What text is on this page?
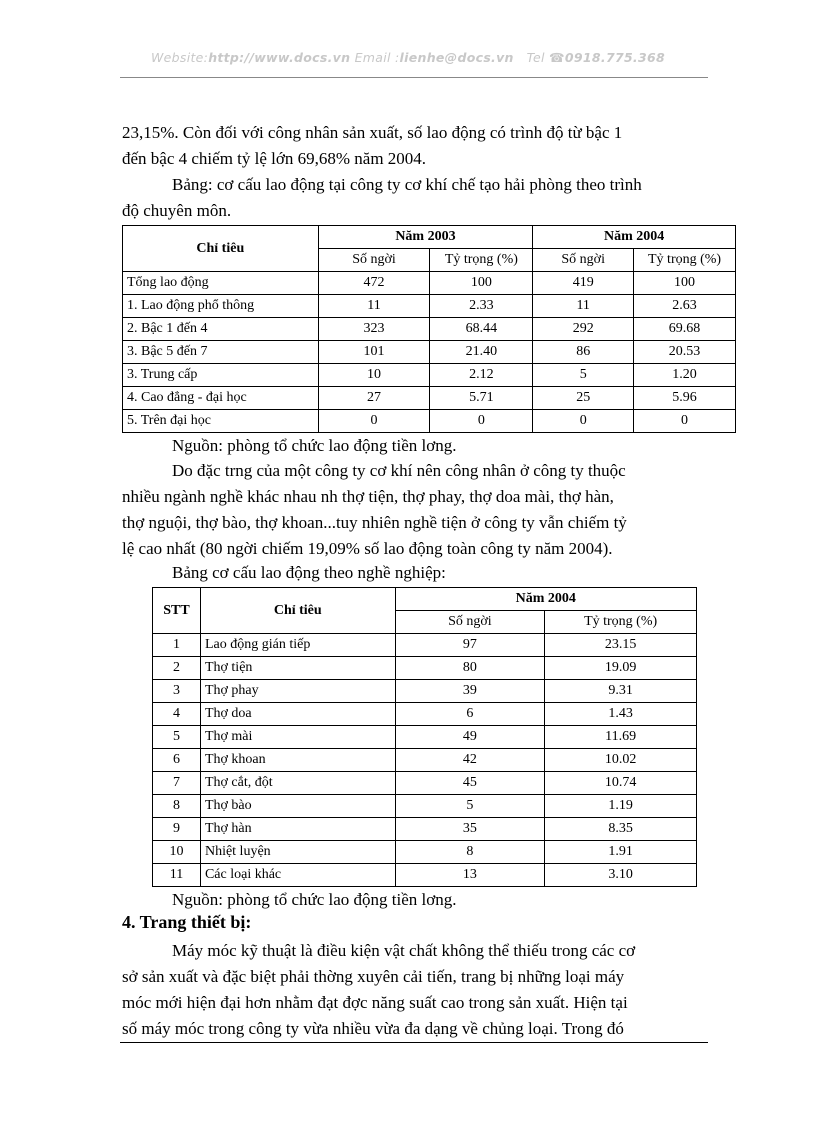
Website:http://www.docs.vn Email :lienhe@docs.vn Tel ☎0918.775.368
23,15%. Còn đối với công nhân sản xuất, số lao động có trình độ từ bậc 1
đến bậc 4 chiếm tỷ lệ lớn 69,68% năm 2004.
Bảng: cơ cấu lao động tại công ty cơ khí chế tạo hải phòng theo trình
độ chuyên môn.
Chỉ tiêu	Năm 2003		Năm 2004	
	Số ngời	Tỷ trọng (%)	Số ngời	Tỷ trọng (%)
Tổng lao động	472	100	419	100
1. Lao động phổ thông	11	2.33	11	2.63
2. Bậc 1 đến 4	323	68.44	292	69.68
3. Bậc 5 đến 7	101	21.40	86	20.53
3. Trung cấp	10	2.12	5	1.20
4. Cao đẳng - đại học	27	5.71	25	5.96
5. Trên đại học	0	0	0	0
Nguồn: phòng tổ chức lao động tiền lơng.
Do đặc trng của một công ty cơ khí nên công nhân ở công ty thuộc
nhiều ngành nghề khác nhau nh thợ tiện, thợ phay, thợ doa mài, thợ hàn,
thợ nguội, thợ bào, thợ khoan...tuy nhiên nghề tiện ở công ty vẫn chiếm tỷ
lệ cao nhất (80 ngời chiếm 19,09% số lao động toàn công ty năm 2004).
Bảng cơ cấu lao động theo nghề nghiệp:
STT	Chỉ tiêu	Năm 2004	
		Số ngời	Tỷ trọng (%)
1	Lao động gián tiếp	97	23.15
2	Thợ tiện	80	19.09
3	Thợ phay	39	9.31
4	Thợ doa	6	1.43
5	Thợ mài	49	11.69
6	Thợ khoan	42	10.02
7	Thợ cắt, đột	45	10.74
8	Thợ bào	5	1.19
9	Thợ hàn	35	8.35
10	Nhiệt luyện	8	1.91
11	Các loại khác	13	3.10
Nguồn: phòng tổ chức lao động tiền lơng.
4. Trang thiết bị:
Máy móc kỹ thuật là điều kiện vật chất không thể thiếu trong các cơ
sở sản xuất và đặc biệt phải thờng xuyên cải tiến, trang bị những loại máy
móc mới hiện đại hơn nhằm đạt đợc năng suất cao trong sản xuất. Hiện tại
số máy móc trong công ty vừa nhiều vừa đa dạng về chủng loại. Trong đó
